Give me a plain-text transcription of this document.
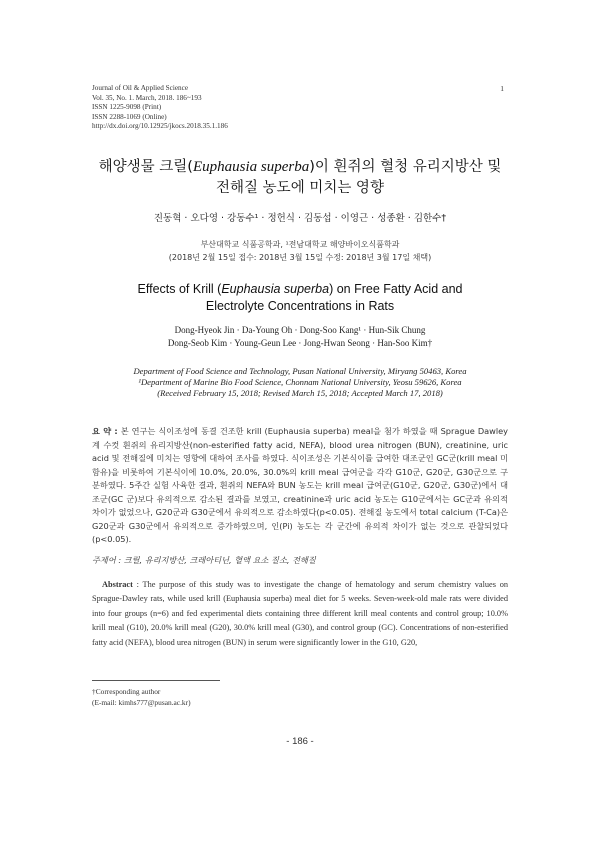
Journal of Oil & Applied Science
Vol. 35, No. 1. March, 2018. 186~193
ISSN 1225-9098 (Print)
ISSN 2288-1069 (Online)
http://dx.doi.org/10.12925/jkocs.2018.35.1.186
1
해양생물 크릴(Euphausia superba)이 흰쥐의 혈청 유리지방산 및
전해질 농도에 미치는 영향
진동혁 · 오다영 · 강동수¹ · 정헌식 · 김동섭 · 이영근 · 성종환 · 김한수†
부산대학교 식품공학과, ¹전남대학교 해양바이오식품학과
(2018년 2월 15일 접수: 2018년 3월 15일 수정: 2018년 3월 17일 채택)
Effects of Krill (Euphausia superba) on Free Fatty Acid and
Electrolyte Concentrations in Rats
Dong-Hyeok Jin · Da-Young Oh · Dong-Soo Kang¹ · Hun-Sik Chung
Dong-Seob Kim · Young-Geun Lee · Jong-Hwan Seong · Han-Soo Kim†
Department of Food Science and Technology, Pusan National University, Miryang 50463, Korea
¹Department of Marine Bio Food Science, Chonnam National University, Yeosu 59626, Korea
(Received February 15, 2018; Revised March 15, 2018; Accepted March 17, 2018)
요 약 : 본 연구는 식이조성에 동결 건조한 krill (Euphausia superba) meal을 첨가 하였을 때 Sprague Dawley계 수컷 흰쥐의 유리지방산(non-esterified fatty acid, NEFA), blood urea nitrogen (BUN), creatinine, uric acid 및 전해질에 미치는 영향에 대하여 조사를 하였다. 식이조성은 기본식이를 급여한 대조군인 GC군(krill meal 미함유)을 비롯하여 기본식이에 10.0%, 20.0%, 30.0%의 krill meal 급여군을 각각 G10군, G20군, G30군으로 구분하였다. 5주간 실험 사육한 결과, 흰쥐의 NEFA와 BUN 농도는 krill meal 급여군(G10군, G20군, G30군)에서 대조군(GC 군)보다 유의적으로 감소된 결과를 보였고, creatinine과 uric acid 농도는 G10군에서는 GC군과 유의적 차이가 없었으나, G20군과 G30군에서 유의적으로 감소하였다(p<0.05). 전해질 농도에서 total calcium (T-Ca)은 G20군과 G30군에서 유의적으로 증가하였으며, 인(Pi) 농도는 각 군간에 유의적 차이가 없는 것으로 관찰되었다(p<0.05).
주제어 : 크릴, 유리지방산, 크레아티닌, 혈액 요소 질소, 전해질
Abstract : The purpose of this study was to investigate the change of hematology and serum chemistry values on Sprague-Dawley rats, while used krill (Euphausia superba) meal diet for 5 weeks. Seven-week-old male rats were divided into four groups (n=6) and fed experimental diets containing three different krill meal contents and control group; 10.0% krill meal (G10), 20.0% krill meal (G20), 30.0% krill meal (G30), and control group (GC). Concentrations of non-esterified fatty acid (NEFA), blood urea nitrogen (BUN) in serum were significantly lower in the G10, G20,
†Corresponding author
(E-mail: kimhs777@pusan.ac.kr)
- 186 -
